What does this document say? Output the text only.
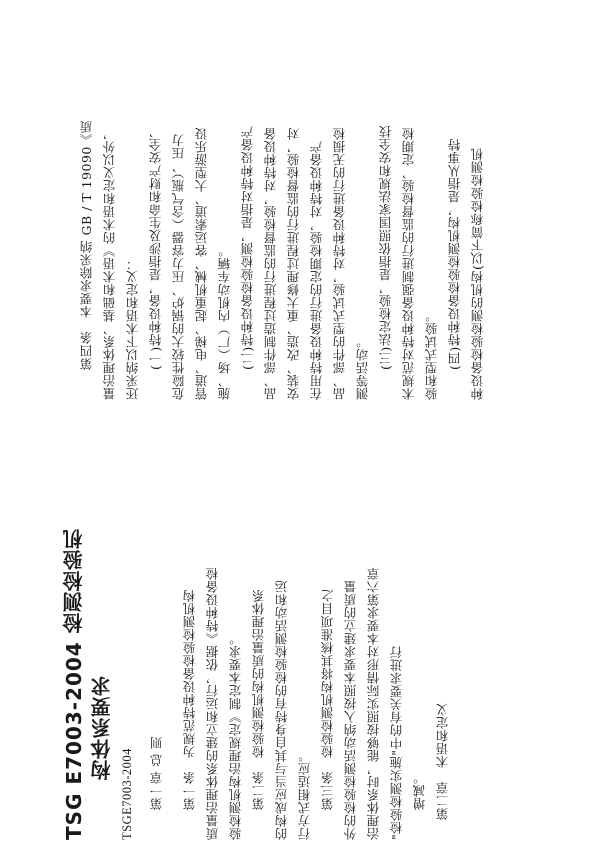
TSG E7003-2004 检测检验机 构体系要求
TSGE7003-2004	第一章 总 则	第一条　为规范特种设备检验检测机构 质量治理体系的建立和运行，依据《特种设备检 验检测机构治理规定》制定本要求。 第二条　检验检测机构的质量治理体系 的构成应当与其自身特有的检验检测活动和运 行方式相适应。 第三条　检验检测机构将其核准项目之 外的检验检测活动纳入按照本要求建立的质量 治理体系时，能够按照实际情形对本要求第六章 "检验检测实施"中的有关要求进行 增减。 第二章　术语和定义
第四条　本要求除采纳 GB / T 19090《质 量治理体系、基础和术语》的术语和定义以外， 还采纳以下术语和定义： (一)特种设备，是指涉及生命和财产安全、 危险性较大的锅炉、压力容器（含气瓶）、压力 管道、电梯、起重机械、客运索道、大型游乐设 施、场（厂）内机动车辆。 (二)特种设备检验检测，是指对特种设备产 品、部件制造过程进行的监督检验，对特种设备 安装、改造、重大修理过程进行的监督检验，对 在用特种设备进行的定期检验，对特种设备产 品、部件的型式试验，对特种设备进行的无损检 测等活动。 (三)法定检验，是指依照国家法规和安全技 术规范对特种设备强制进行的监督检验、定期检 验和型式试验。 (四)特种设备检验检测机构，是指从事特 种设备检验检测的机构(以下简称检验检测机
